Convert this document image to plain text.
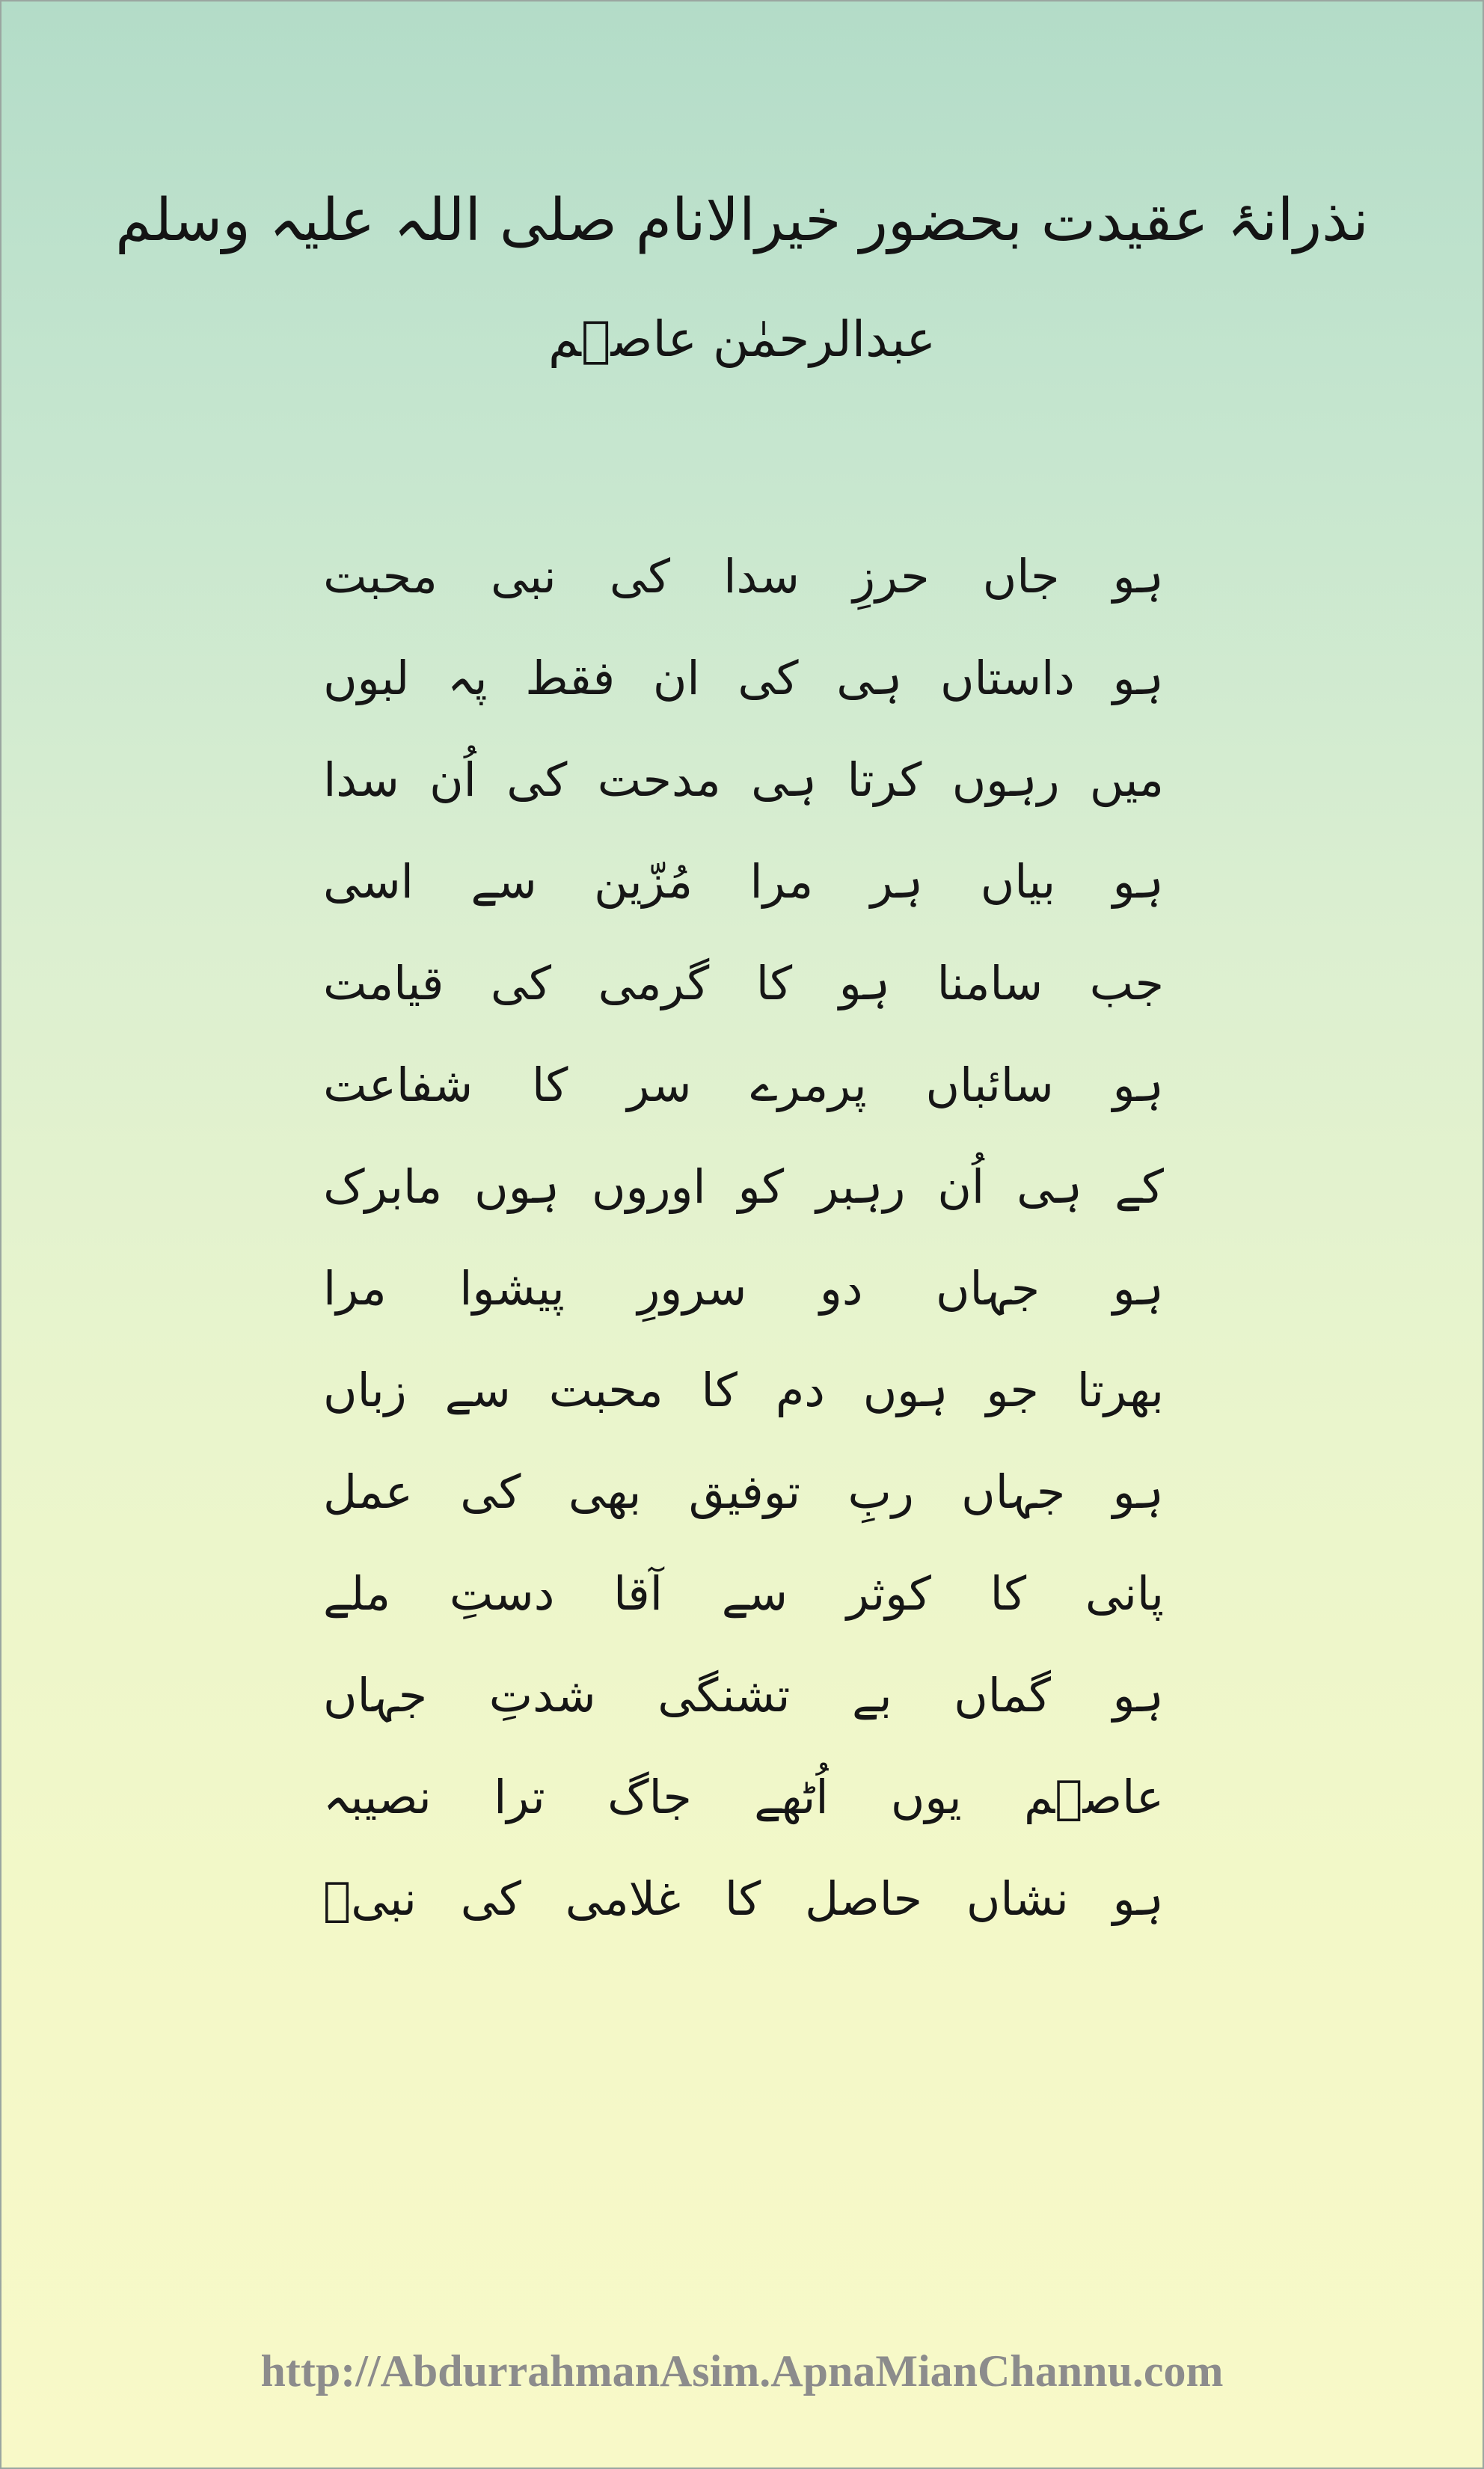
نذرانۂ عقیدت بحضور خیرالانام صلی اللہ علیہ وسلم
عبدالرحمٰن عاصؔم
محبت نبی کی سدا حرزِ جاں ہو
لبوں پہ فقط ان کی ہی داستاں ہو
سدا اُن کی مدحت ہی کرتا رہوں میں
اسی سے مُزّین مرا ہر بیاں ہو
قیامت کی گرمی کا ہو سامنا جب
شفاعت کا سر پرمرے سائباں ہو
مابرک ہوں اوروں کو رہبر اُن ہی کے
مرا پیشوا سرورِ دو جہاں ہو
زباں سے محبت کا دم ہوں جو بھرتا
عمل کی بھی توفیق ربِ جہاں ہو
ملے دستِ آقا سے کوثر کا پانی
جہاں شدتِ تشنگی بے گماں ہو
نصیبہ ترا جاگ اُٹھے یوں عاصؔم
نبیؐ کی غلامی کا حاصل نشاں ہو
http://AbdurrahmanAsim.ApnaMianChannu.com
